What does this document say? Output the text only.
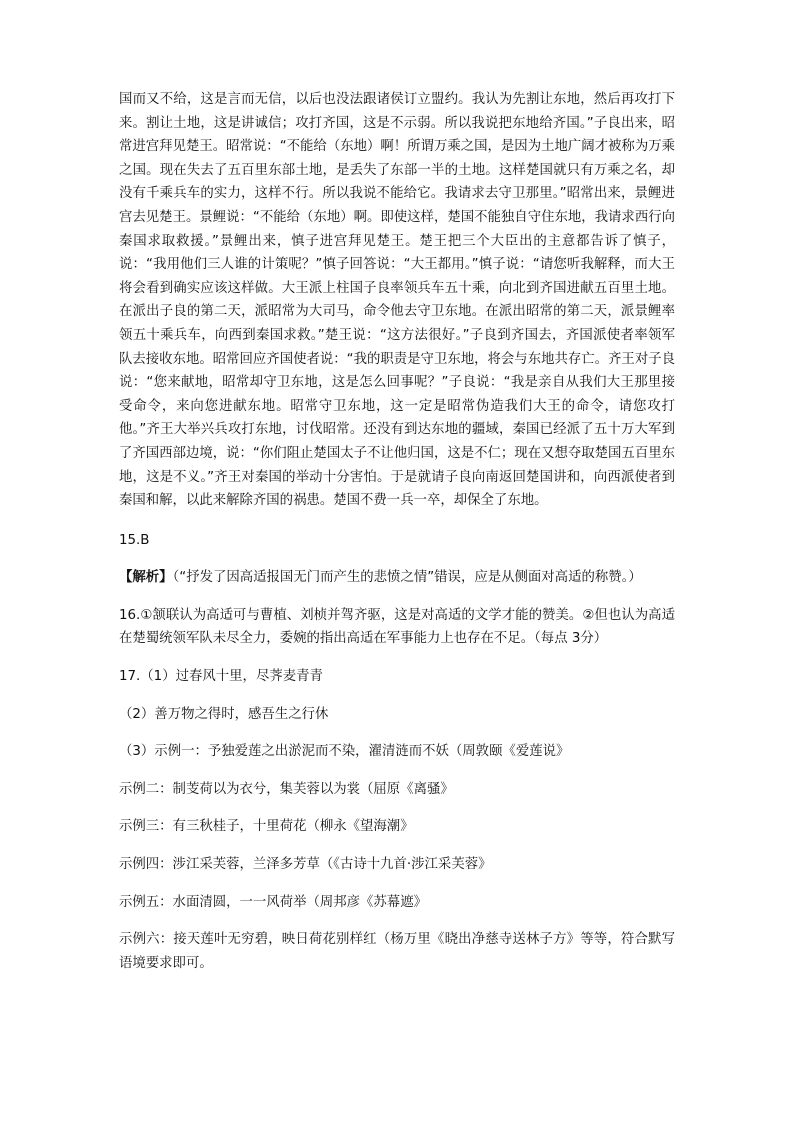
国而又不给，这是言而无信，以后也没法跟诸侯订立盟约。我认为先割让东地，然后再攻打下来。割让土地，这是讲诚信；攻打齐国，这是不示弱。所以我说把东地给齐国。”子良出来，昭常进宫拜见楚王。昭常说：“不能给（东地）啊！所谓万乘之国，是因为土地广阔才被称为万乘之国。现在失去了五百里东部土地，是丢失了东部一半的土地。这样楚国就只有万乘之名，却没有千乘兵车的实力，这样不行。所以我说不能给它。我请求去守卫那里。”昭常出来，景鲤进宫去见楚王。景鲤说：“不能给（东地）啊。即使这样，楚国不能独自守住东地，我请求西行向秦国求取救援。”景鲤出来，慎子进宫拜见楚王。楚王把三个大臣出的主意都告诉了慎子，说：“我用他们三人谁的计策呢？”慎子回答说：“大王都用。”慎子说：“请您听我解释，而大王将会看到确实应该这样做。大王派上柱国子良率领兵车五十乘，向北到齐国进献五百里土地。在派出子良的第二天，派昭常为大司马，命令他去守卫东地。在派出昭常的第二天，派景鲤率领五十乘兵车，向西到秦国求救。”楚王说：“这方法很好。”子良到齐国去，齐国派使者率领军队去接收东地。昭常回应齐国使者说：“我的职责是守卫东地，将会与东地共存亡。齐王对子良说：“您来献地，昭常却守卫东地，这是怎么回事呢？”子良说：“我是亲自从我们大王那里接受命令，来向您进献东地。昭常守卫东地，这一定是昭常伪造我们大王的命令，请您攻打他。”齐王大举兴兵攻打东地，讨伐昭常。还没有到达东地的疆域，秦国已经派了五十万大军到了齐国西部边境，说：“你们阻止楚国太子不让他归国，这是不仁；现在又想夺取楚国五百里东地，这是不义。”齐王对秦国的举动十分害怕。于是就请子良向南返回楚国讲和，向西派使者到秦国和解，以此来解除齐国的祸患。楚国不费一兵一卒，却保全了东地。

15.B

【解析】（“抒发了因高适报国无门而产生的悲愤之情”错误，应是从侧面对高适的称赞。）

16.①颔联认为高适可与曹植、刘桢并驾齐驱，这是对高适的文学才能的赞美。②但也认为高适在楚蜀统领军队未尽全力，委婉的指出高适在军事能力上也存在不足。（每点 3分）

17.（1）过春风十里，尽荠麦青青

（2）善万物之得时，感吾生之行休

（3）示例一：予独爱莲之出淤泥而不染，濯清涟而不妖（周敦颐《爱莲说》

示例二：制芰荷以为衣兮，集芙蓉以为裳（屈原《离骚》

示例三：有三秋桂子，十里荷花（柳永《望海潮》

示例四：涉江采芙蓉，兰泽多芳草（《古诗十九首·涉江采芙蓉》

示例五：水面清圆，一一风荷举（周邦彦《苏幕遮》

示例六：接天莲叶无穷碧，映日荷花别样红（杨万里《晓出净慈寺送林子方》等等，符合默写语境要求即可。
